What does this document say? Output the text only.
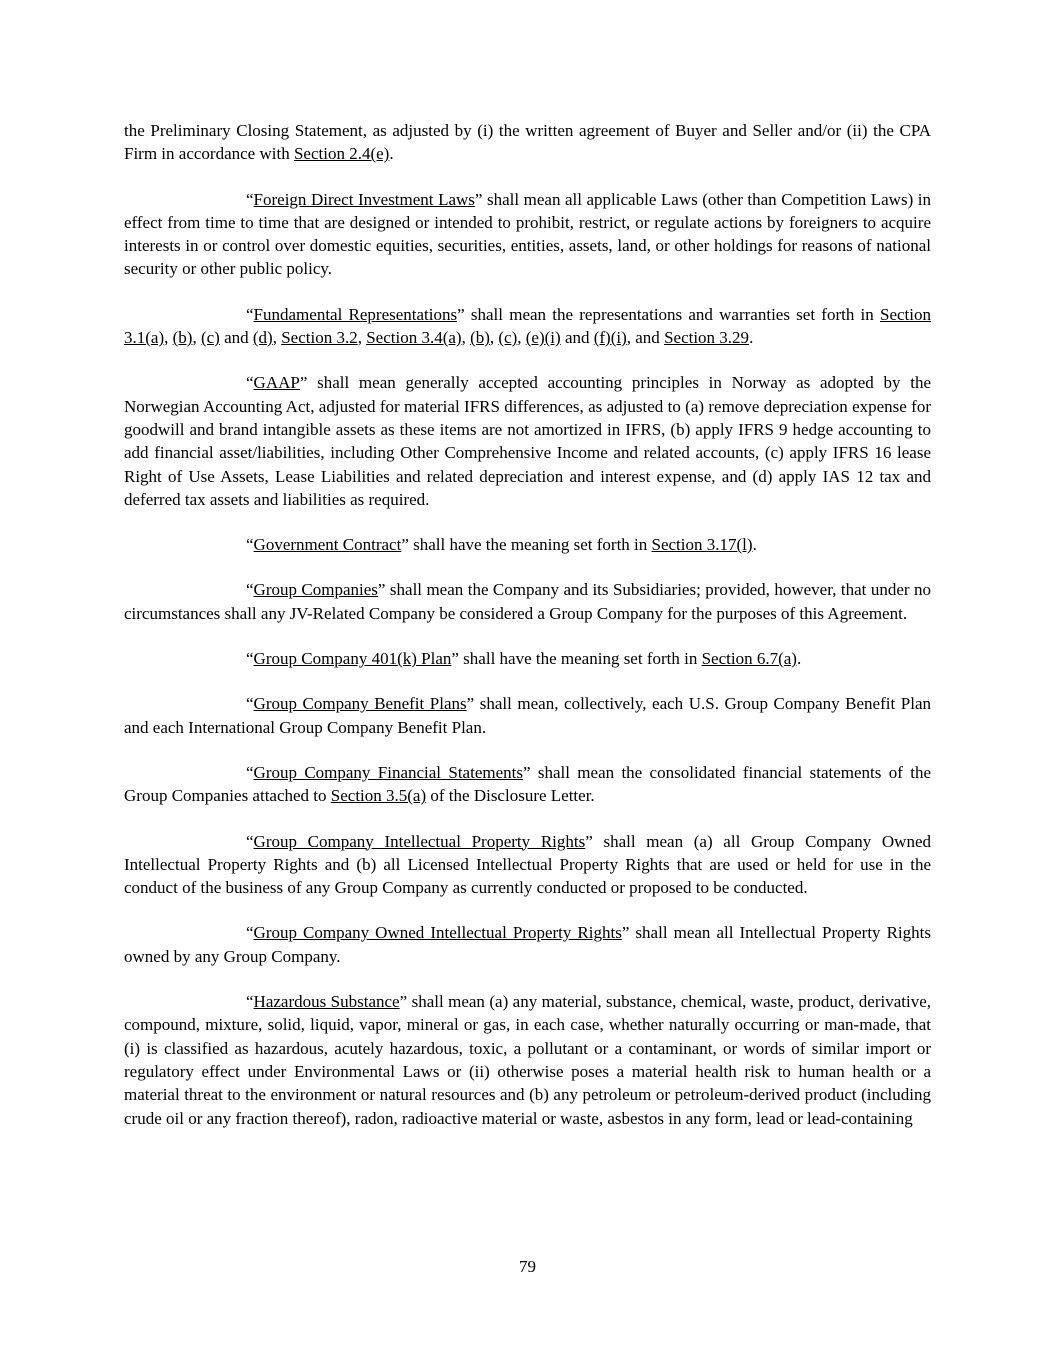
the Preliminary Closing Statement, as adjusted by (i) the written agreement of Buyer and Seller and/or (ii) the CPA Firm in accordance with Section 2.4(e).

“Foreign Direct Investment Laws” shall mean all applicable Laws (other than Competition Laws) in effect from time to time that are designed or intended to prohibit, restrict, or regulate actions by foreigners to acquire interests in or control over domestic equities, securities, entities, assets, land, or other holdings for reasons of national security or other public policy.

“Fundamental Representations” shall mean the representations and warranties set forth in Section 3.1(a), (b), (c) and (d), Section 3.2, Section 3.4(a), (b), (c), (e)(i) and (f)(i), and Section 3.29.

“GAAP” shall mean generally accepted accounting principles in Norway as adopted by the Norwegian Accounting Act, adjusted for material IFRS differences, as adjusted to (a) remove depreciation expense for goodwill and brand intangible assets as these items are not amortized in IFRS, (b) apply IFRS 9 hedge accounting to add financial asset/liabilities, including Other Comprehensive Income and related accounts, (c) apply IFRS 16 lease Right of Use Assets, Lease Liabilities and related depreciation and interest expense, and (d) apply IAS 12 tax and deferred tax assets and liabilities as required.

“Government Contract” shall have the meaning set forth in Section 3.17(l).

“Group Companies” shall mean the Company and its Subsidiaries; provided, however, that under no circumstances shall any JV-Related Company be considered a Group Company for the purposes of this Agreement.

“Group Company 401(k) Plan” shall have the meaning set forth in Section 6.7(a).

“Group Company Benefit Plans” shall mean, collectively, each U.S. Group Company Benefit Plan and each International Group Company Benefit Plan.

“Group Company Financial Statements” shall mean the consolidated financial statements of the Group Companies attached to Section 3.5(a) of the Disclosure Letter.

“Group Company Intellectual Property Rights” shall mean (a) all Group Company Owned Intellectual Property Rights and (b) all Licensed Intellectual Property Rights that are used or held for use in the conduct of the business of any Group Company as currently conducted or proposed to be conducted.

“Group Company Owned Intellectual Property Rights” shall mean all Intellectual Property Rights owned by any Group Company.

“Hazardous Substance” shall mean (a) any material, substance, chemical, waste, product, derivative, compound, mixture, solid, liquid, vapor, mineral or gas, in each case, whether naturally occurring or man-made, that (i) is classified as hazardous, acutely hazardous, toxic, a pollutant or a contaminant, or words of similar import or regulatory effect under Environmental Laws or (ii) otherwise poses a material health risk to human health or a material threat to the environment or natural resources and (b) any petroleum or petroleum-derived product (including crude oil or any fraction thereof), radon, radioactive material or waste, asbestos in any form, lead or lead-containing

79
